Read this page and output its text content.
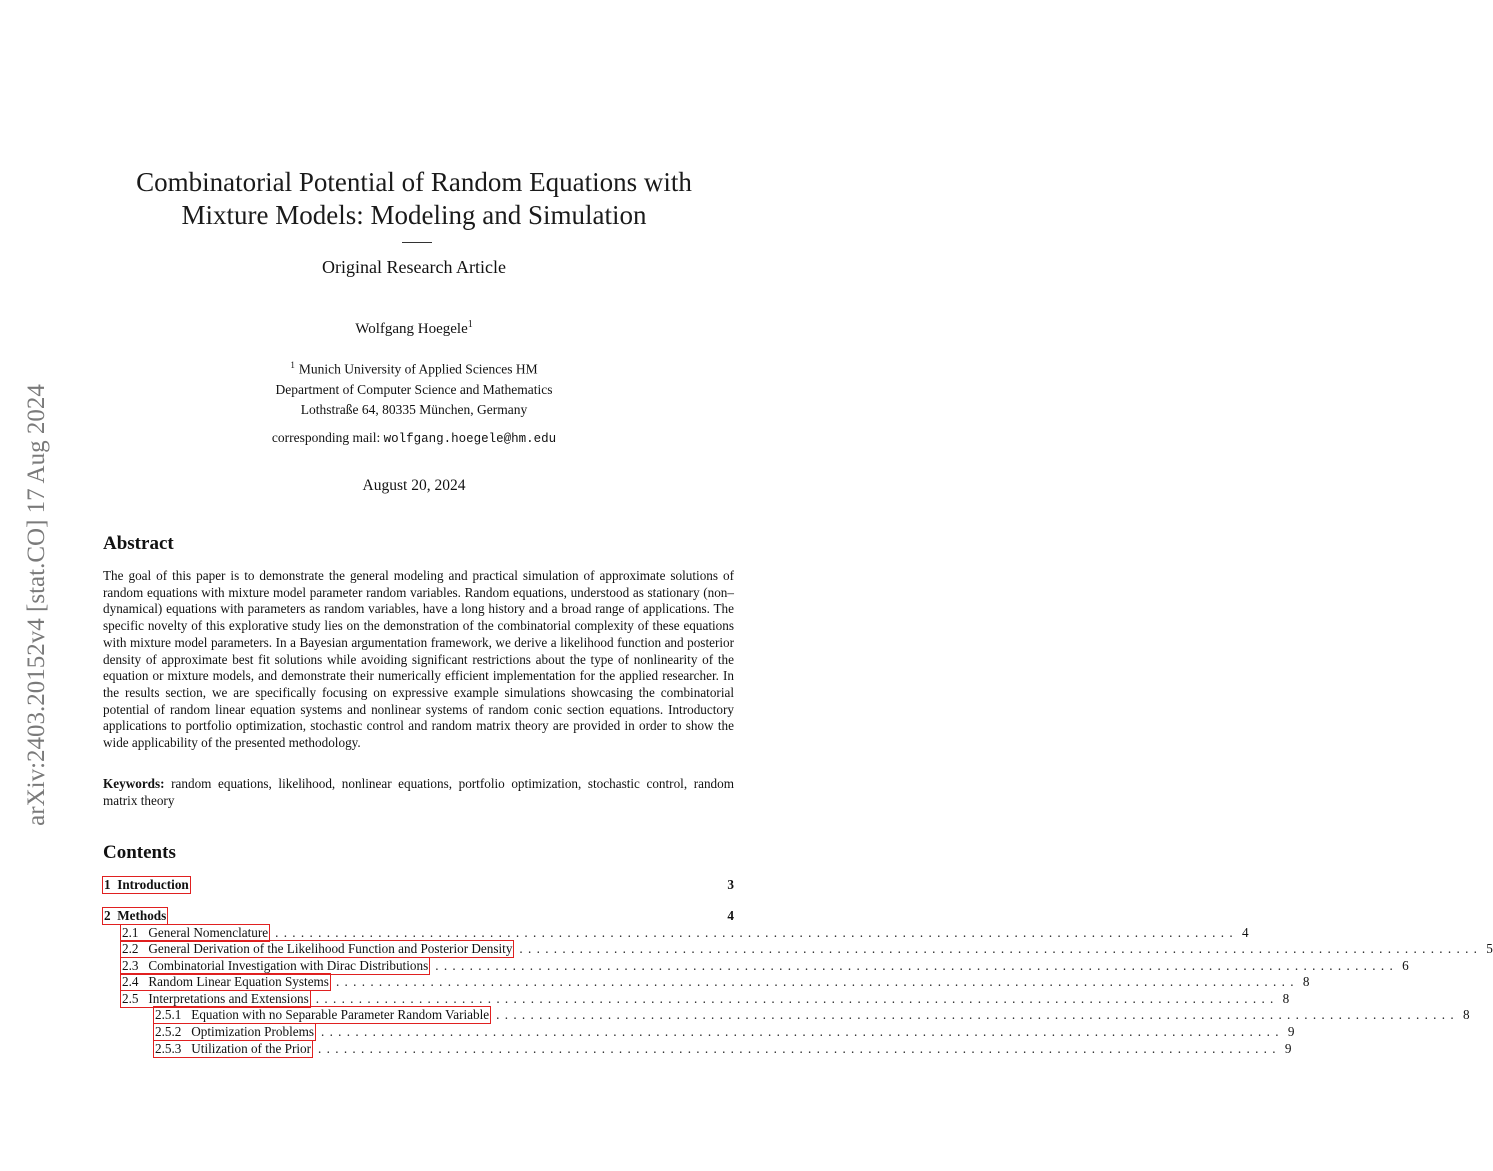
arXiv:2403.20152v4 [stat.CO] 17 Aug 2024
Combinatorial Potential of Random Equations with
Mixture Models: Modeling and Simulation
Original Research Article
Wolfgang Hoegele$^1$
$^1$ Munich University of Applied Sciences HM
Department of Computer Science and Mathematics
Lothstraße 64, 80335 München, Germany
corresponding mail: wolfgang.hoegele@hm.edu
August 20, 2024
Abstract

The goal of this paper is to demonstrate the general modeling and practical simulation of approximate solutions of random equations with mixture model parameter random variables. Random equations, understood as stationary (non–dynamical) equations with parameters as random variables, have a long history and a broad range of applications. The specific novelty of this explorative study lies on the demonstration of the combinatorial complexity of these equations with mixture model parameters. In a Bayesian argumentation framework, we derive a likelihood function and posterior density of approximate best fit solutions while avoiding significant restrictions about the type of nonlinearity of the equation or mixture models, and demonstrate their numerically efficient implementation for the applied researcher. In the results section, we are specifically focusing on expressive example simulations showcasing the combinatorial potential of random linear equation systems and nonlinear systems of random conic section equations. Introductory applications to portfolio optimization, stochastic control and random matrix theory are provided in order to show the wide applicability of the presented methodology.

Keywords: random equations, likelihood, nonlinear equations, portfolio optimization, stochastic control, random matrix theory

Contents
1 Introduction	3
2 Methods	4
2.1 General Nomenclature ................................................................................................................ 4
2.2 General Derivation of the Likelihood Function and Posterior Density ................................................................................................................ 5
2.3 Combinatorial Investigation with Dirac Distributions ................................................................................................................ 6
2.4 Random Linear Equation Systems ................................................................................................................ 8
2.5 Interpretations and Extensions ................................................................................................................ 8
2.5.1 Equation with no Separable Parameter Random Variable ................................................................................................................ 8
2.5.2 Optimization Problems ................................................................................................................ 9
2.5.3 Utilization of the Prior ................................................................................................................ 9
